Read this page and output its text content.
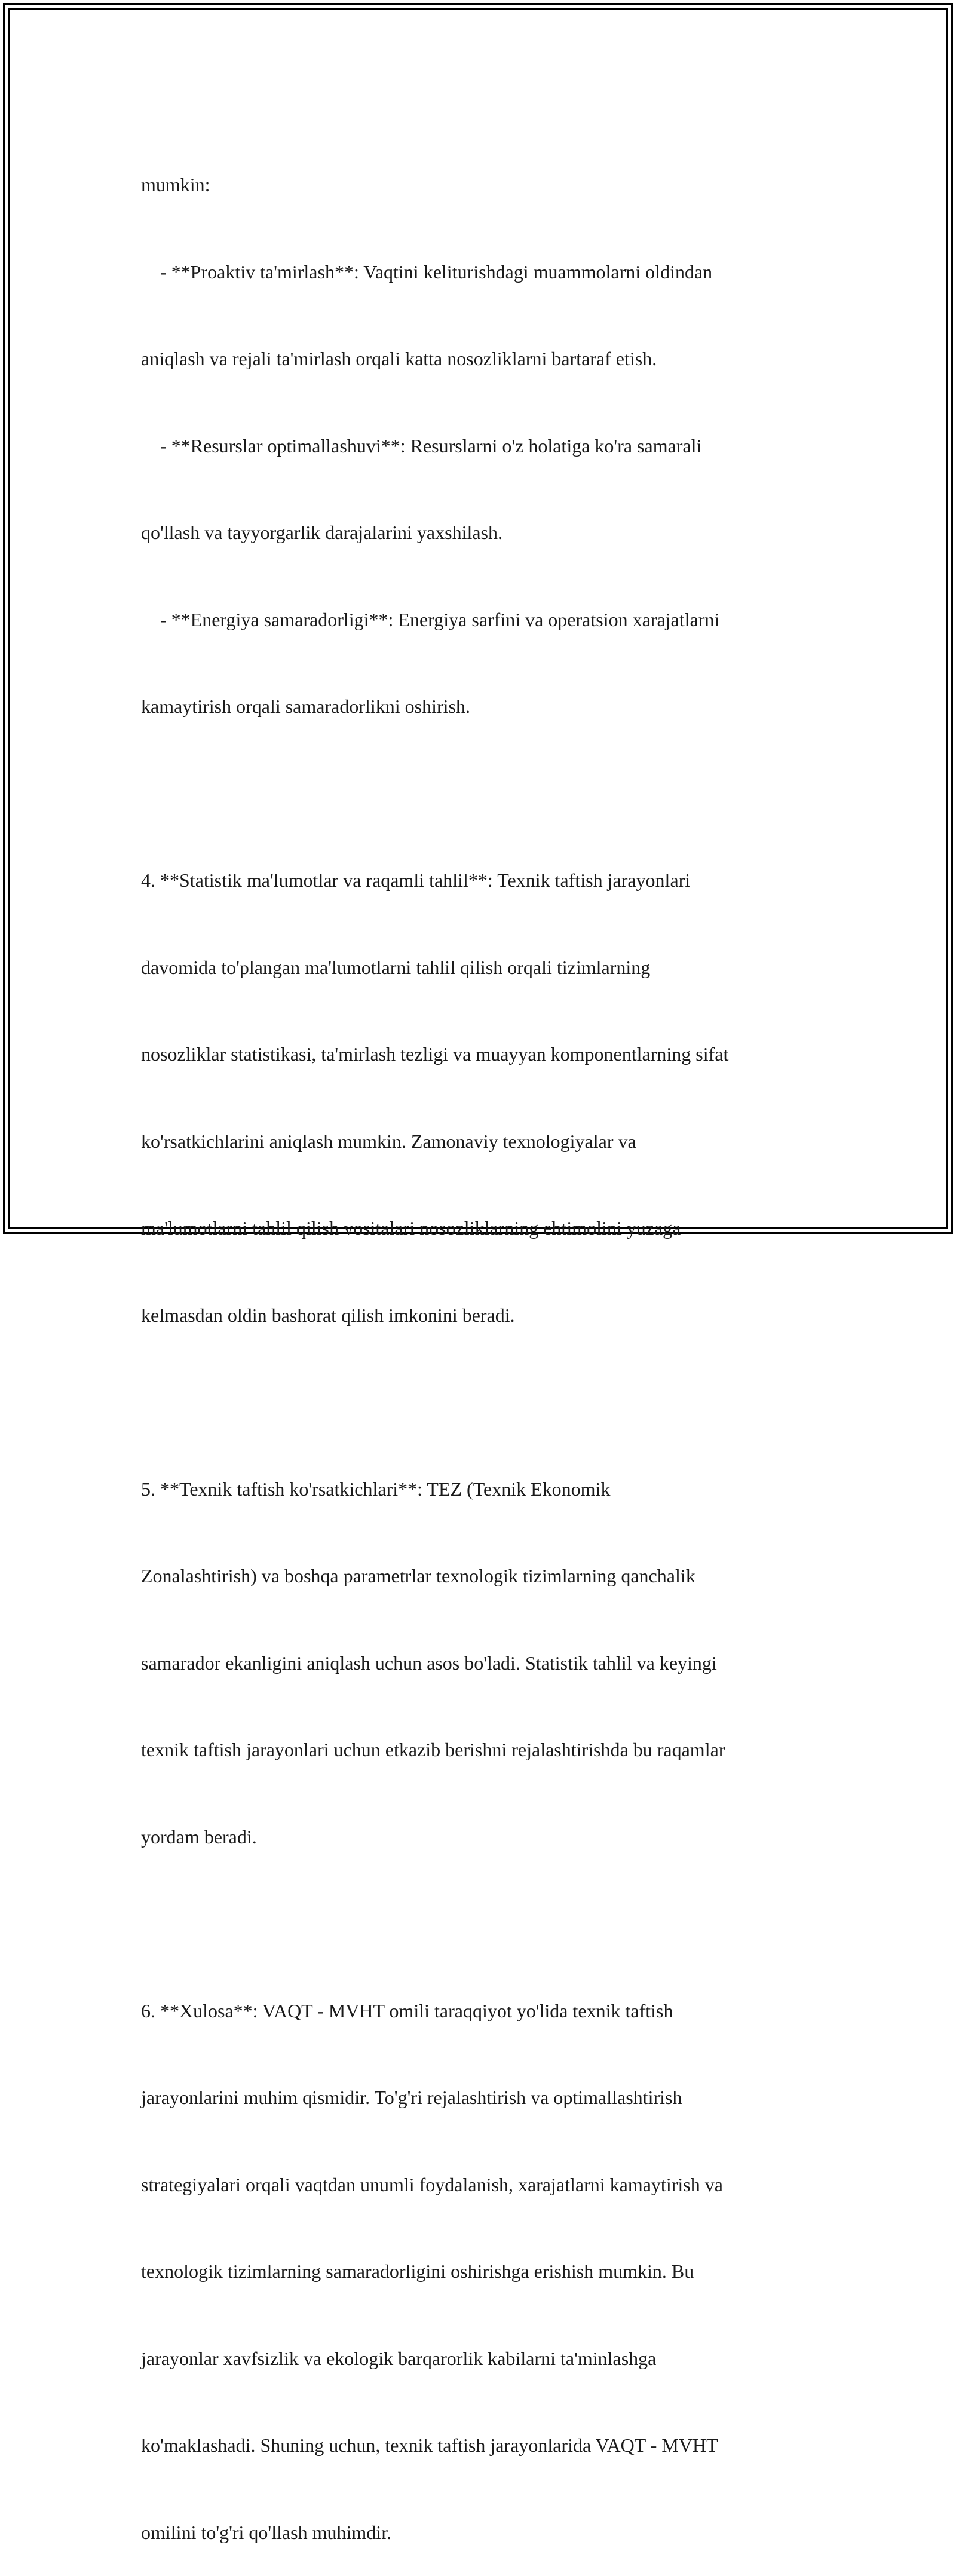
mumkin:

- **Proaktiv ta'mirlash**: Vaqtini keliturishdagi muammolarni oldindan

aniqlash va rejali ta'mirlash orqali katta nosozliklarni bartaraf etish.

- **Resurslar optimallashuvi**: Resurslarni o'z holatiga ko'ra samarali

qo'llash va tayyorgarlik darajalarini yaxshilash.

- **Energiya samaradorligi**: Energiya sarfini va operatsion xarajatlarni

kamaytirish orqali samaradorlikni oshirish.

4. **Statistik ma'lumotlar va raqamli tahlil**: Texnik taftish jarayonlari

davomida to'plangan ma'lumotlarni tahlil qilish orqali tizimlarning

nosozliklar statistikasi, ta'mirlash tezligi va muayyan komponentlarning sifat

ko'rsatkichlarini aniqlash mumkin. Zamonaviy texnologiyalar va

ma'lumotlarni tahlil qilish vositalari nosozliklarning ehtimolini yuzaga

kelmasdan oldin bashorat qilish imkonini beradi.

5. **Texnik taftish ko'rsatkichlari**: TEZ (Texnik Ekonomik

Zonalashtirish) va boshqa parametrlar texnologik tizimlarning qanchalik

samarador ekanligini aniqlash uchun asos bo'ladi. Statistik tahlil va keyingi

texnik taftish jarayonlari uchun etkazib berishni rejalashtirishda bu raqamlar

yordam beradi.

6. **Xulosa**: VAQT - MVHT omili taraqqiyot yo'lida texnik taftish

jarayonlarini muhim qismidir. To'g'ri rejalashtirish va optimallashtirish

strategiyalari orqali vaqtdan unumli foydalanish, xarajatlarni kamaytirish va

texnologik tizimlarning samaradorligini oshirishga erishish mumkin. Bu

jarayonlar xavfsizlik va ekologik barqarorlik kabilarni ta'minlashga

ko'maklashadi. Shuning uchun, texnik taftish jarayonlarida VAQT - MVHT

omilini to'g'ri qo'llash muhimdir.
